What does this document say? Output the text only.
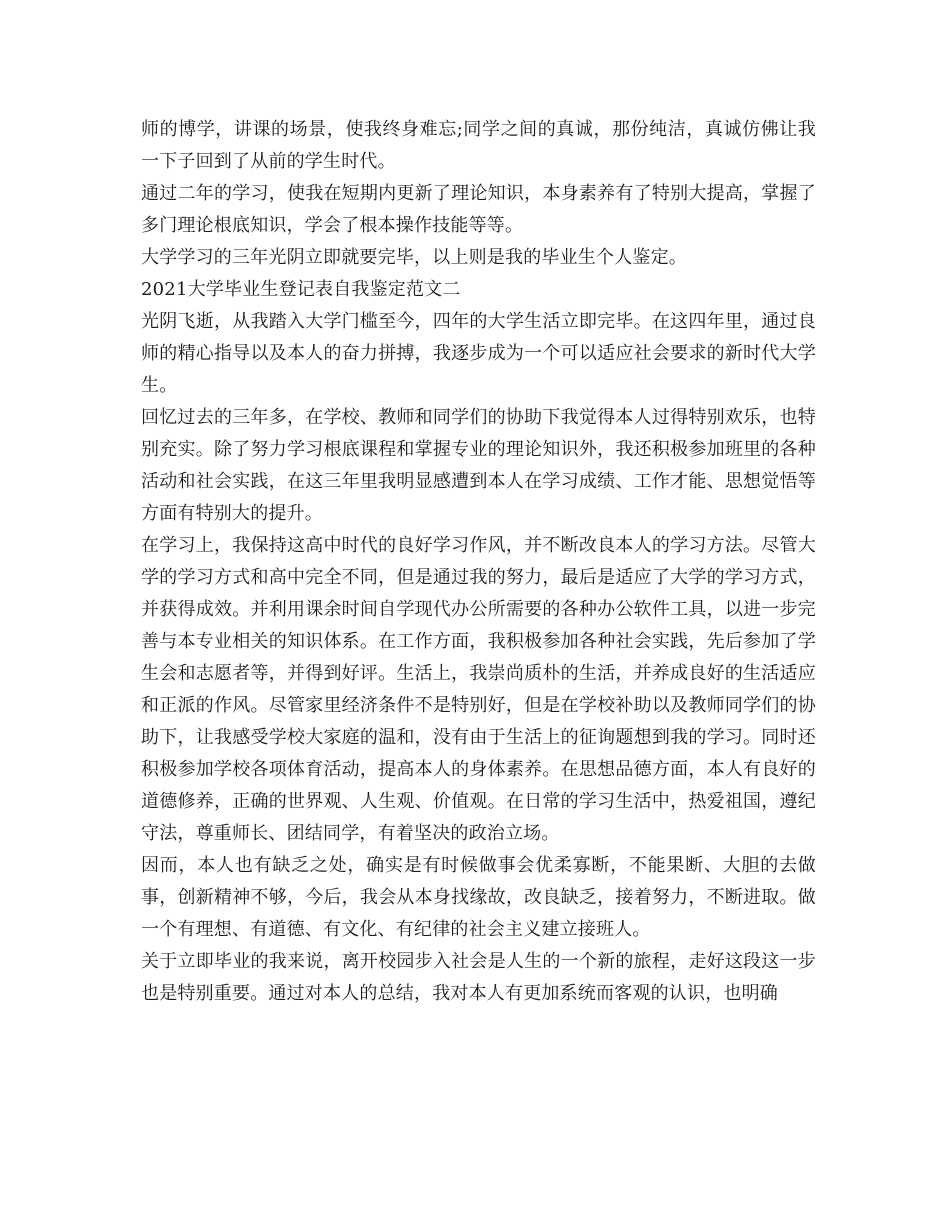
师的博学，讲课的场景，使我终身难忘;同学之间的真诚，那份纯洁，真诚仿佛让我一下子回到了从前的学生时代。

通过二年的学习，使我在短期内更新了理论知识，本身素养有了特别大提高，掌握了多门理论根底知识，学会了根本操作技能等等。

大学学习的三年光阴立即就要完毕，以上则是我的毕业生个人鉴定。

2021大学毕业生登记表自我鉴定范文二

光阴飞逝，从我踏入大学门槛至今，四年的大学生活立即完毕。在这四年里，通过良师的精心指导以及本人的奋力拼搏，我逐步成为一个可以适应社会要求的新时代大学生。

回忆过去的三年多，在学校、教师和同学们的协助下我觉得本人过得特别欢乐，也特别充实。除了努力学习根底课程和掌握专业的理论知识外，我还积极参加班里的各种活动和社会实践，在这三年里我明显感遭到本人在学习成绩、工作才能、思想觉悟等方面有特别大的提升。

在学习上，我保持这高中时代的良好学习作风，并不断改良本人的学习方法。尽管大学的学习方式和高中完全不同，但是通过我的努力，最后是适应了大学的学习方式，并获得成效。并利用课余时间自学现代办公所需要的各种办公软件工具，以进一步完善与本专业相关的知识体系。在工作方面，我积极参加各种社会实践，先后参加了学生会和志愿者等，并得到好评。生活上，我崇尚质朴的生活，并养成良好的生活适应和正派的作风。尽管家里经济条件不是特别好，但是在学校补助以及教师同学们的协助下，让我感受学校大家庭的温和，没有由于生活上的征询题想到我的学习。同时还积极参加学校各项体育活动，提高本人的身体素养。在思想品德方面，本人有良好的道德修养，正确的世界观、人生观、价值观。在日常的学习生活中，热爱祖国，遵纪守法，尊重师长、团结同学，有着坚决的政治立场。

因而，本人也有缺乏之处，确实是有时候做事会优柔寡断，不能果断、大胆的去做事，创新精神不够，今后，我会从本身找缘故，改良缺乏，接着努力，不断进取。做一个有理想、有道德、有文化、有纪律的社会主义建立接班人。

关于立即毕业的我来说，离开校园步入社会是人生的一个新的旅程，走好这段这一步也是特别重要。通过对本人的总结，我对本人有更加系统而客观的认识，也明确
